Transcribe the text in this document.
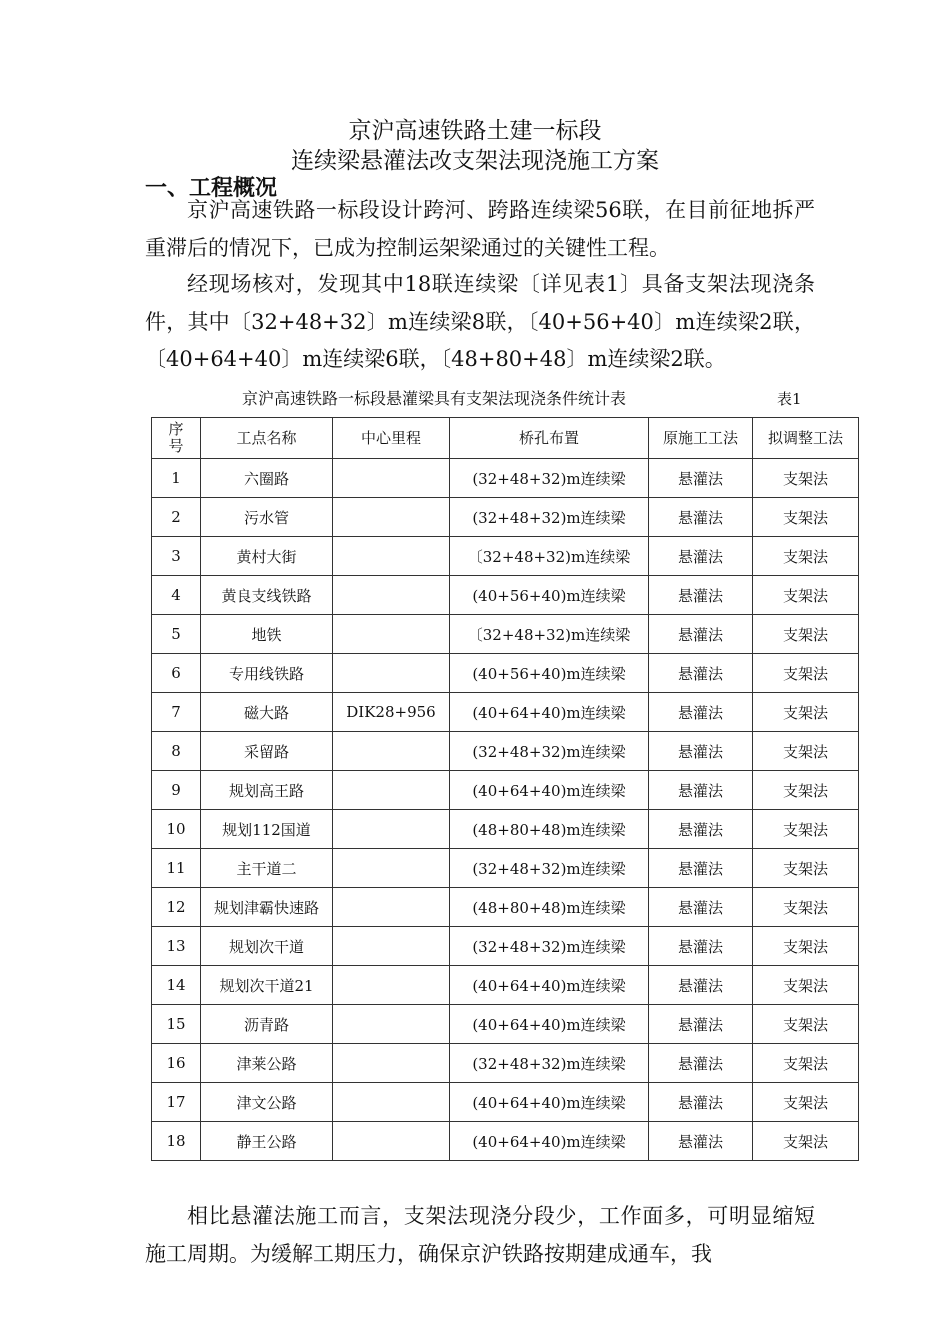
京沪高速铁路土建一标段
连续梁悬灌法改支架法现浇施工方案
一、工程概况

京沪高速铁路一标段设计跨河、跨路连续梁56联，在目前征地拆严重滞后的情况下，已成为控制运架梁通过的关键性工程。

经现场核对，发现其中18联连续梁〔详见表1〕具备支架法现浇条件，其中〔32+48+32〕m连续梁8联，〔40+56+40〕m连续梁2联，〔40+64+40〕m连续梁6联，〔48+80+48〕m连续梁2联。

京沪高速铁路一标段悬灌梁具有支架法现浇条件统计表	表1
序号	工点名称	中心里程	桥孔布置	原施工工法	拟调整工法
1	六圈路		(32+48+32)m连续梁	悬灌法	支架法
2	污水管		(32+48+32)m连续梁	悬灌法	支架法
3	黄村大街		〔32+48+32)m连续梁	悬灌法	支架法
4	黄良支线铁路		(40+56+40)m连续梁	悬灌法	支架法
5	地铁		〔32+48+32)m连续梁	悬灌法	支架法
6	专用线铁路		(40+56+40)m连续梁	悬灌法	支架法
7	磁大路	DIK28+956	(40+64+40)m连续梁	悬灌法	支架法
8	采留路		(32+48+32)m连续梁	悬灌法	支架法
9	规划高王路		(40+64+40)m连续梁	悬灌法	支架法
10	规划112国道		(48+80+48)m连续梁	悬灌法	支架法
11	主干道二		(32+48+32)m连续梁	悬灌法	支架法
12	规划津霸快速路		(48+80+48)m连续梁	悬灌法	支架法
13	规划次干道		(32+48+32)m连续梁	悬灌法	支架法
14	规划次干道21		(40+64+40)m连续梁	悬灌法	支架法
15	沥青路		(40+64+40)m连续梁	悬灌法	支架法
16	津莱公路		(32+48+32)m连续梁	悬灌法	支架法
17	津文公路		(40+64+40)m连续梁	悬灌法	支架法
18	静王公路		(40+64+40)m连续梁	悬灌法	支架法

相比悬灌法施工而言，支架法现浇分段少，工作面多，可明显缩短施工周期。为缓解工期压力，确保京沪铁路按期建成通车，我
